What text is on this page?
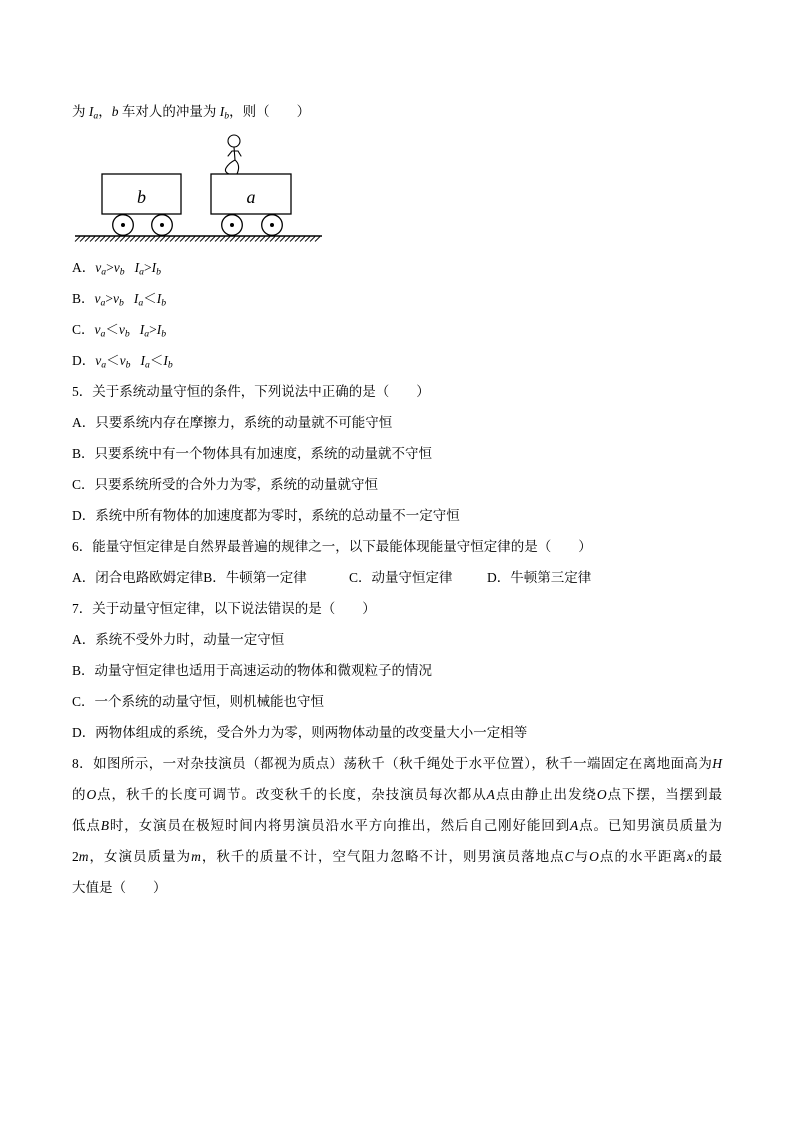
为 $I_a$，b 车对人的冲量为 $I_b$，则（　　）
b	a
A．$v_a>v_b$ $I_a>I_b$
B．$v_a>v_b$ $I_a<I_b$
C．$v_a<v_b$ $I_a>I_b$
D．$v_a<v_b$ $I_a<I_b$
5．关于系统动量守恒的条件，下列说法中正确的是（　　）
A．只要系统内存在摩擦力，系统的动量就不可能守恒
B．只要系统中有一个物体具有加速度，系统的动量就不守恒
C．只要系统所受的合外力为零，系统的动量就守恒
D．系统中所有物体的加速度都为零时，系统的总动量不一定守恒
6．能量守恒定律是自然界最普遍的规律之一，以下最能体现能量守恒定律的是（　　）
A．闭合电路欧姆定律B．牛顿第一定律	C．动量守恒定律	D．牛顿第三定律
7．关于动量守恒定律，以下说法错误的是（　　）
A．系统不受外力时，动量一定守恒
B．动量守恒定律也适用于高速运动的物体和微观粒子的情况
C．一个系统的动量守恒，则机械能也守恒
D．两物体组成的系统，受合外力为零，则两物体动量的改变量大小一定相等
8．如图所示，一对杂技演员（都视为质点）荡秋千（秋千绳处于水平位置），秋千一端固定在离地面高为H
的O点，秋千的长度可调节。改变秋千的长度，杂技演员每次都从A点由静止出发绕O点下摆，当摆到最
低点B时，女演员在极短时间内将男演员沿水平方向推出，然后自己刚好能回到A点。已知男演员质量为
2m，女演员质量为m，秋千的质量不计，空气阻力忽略不计，则男演员落地点C与O点的水平距离x的最
大值是（　　）
